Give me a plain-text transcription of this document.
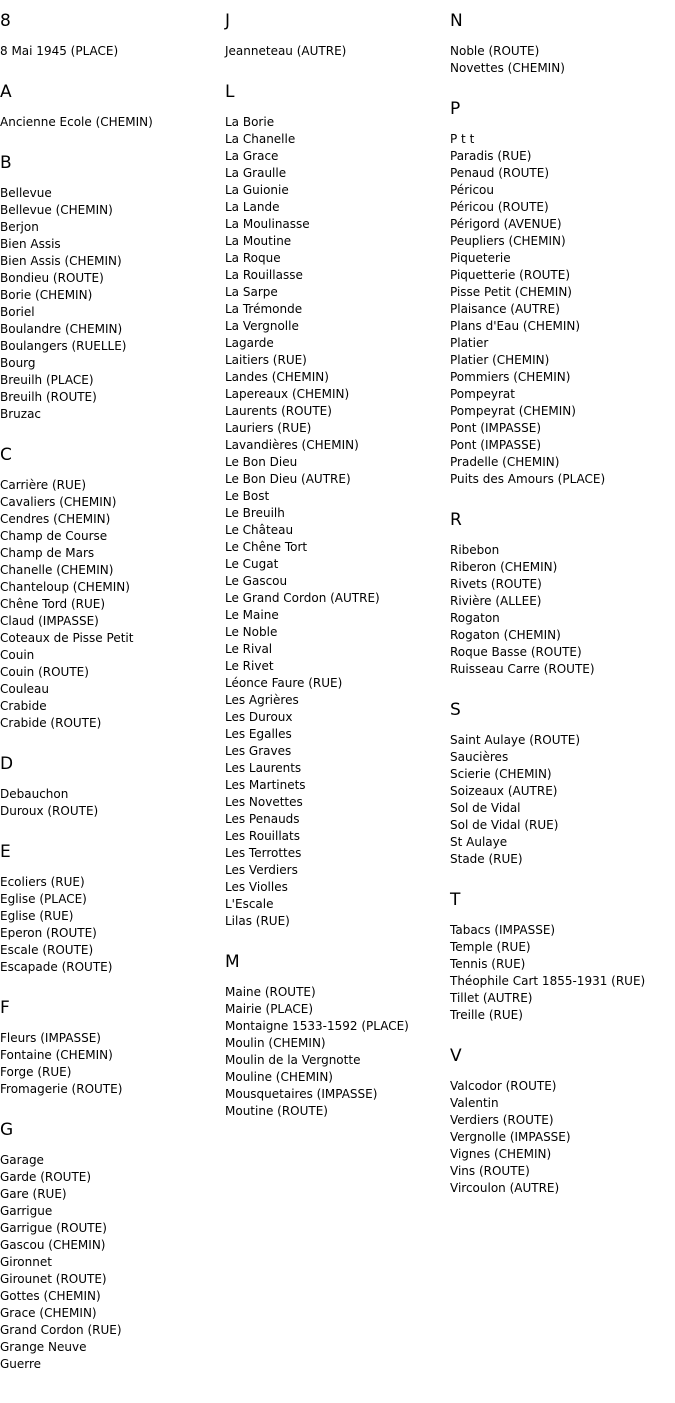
8
8 Mai 1945 (PLACE)
A
Ancienne Ecole (CHEMIN)
B
Bellevue
Bellevue (CHEMIN)
Berjon
Bien Assis
Bien Assis (CHEMIN)
Bondieu (ROUTE)
Borie (CHEMIN)
Boriel
Boulandre (CHEMIN)
Boulangers (RUELLE)
Bourg
Breuilh (PLACE)
Breuilh (ROUTE)
Bruzac
C
Carrière (RUE)
Cavaliers (CHEMIN)
Cendres (CHEMIN)
Champ de Course
Champ de Mars
Chanelle (CHEMIN)
Chanteloup (CHEMIN)
Chêne Tord (RUE)
Claud (IMPASSE)
Coteaux de Pisse Petit
Couin
Couin (ROUTE)
Couleau
Crabide
Crabide (ROUTE)
D
Debauchon
Duroux (ROUTE)
E
Ecoliers (RUE)
Eglise (PLACE)
Eglise (RUE)
Eperon (ROUTE)
Escale (ROUTE)
Escapade (ROUTE)
F
Fleurs (IMPASSE)
Fontaine (CHEMIN)
Forge (RUE)
Fromagerie (ROUTE)
G
Garage
Garde (ROUTE)
Gare (RUE)
Garrigue
Garrigue (ROUTE)
Gascou (CHEMIN)
Gironnet
Girounet (ROUTE)
Gottes (CHEMIN)
Grace (CHEMIN)
Grand Cordon (RUE)
Grange Neuve
Guerre
J
Jeanneteau (AUTRE)
L
La Borie
La Chanelle
La Grace
La Graulle
La Guionie
La Lande
La Moulinasse
La Moutine
La Roque
La Rouillasse
La Sarpe
La Trémonde
La Vergnolle
Lagarde
Laitiers (RUE)
Landes (CHEMIN)
Lapereaux (CHEMIN)
Laurents (ROUTE)
Lauriers (RUE)
Lavandières (CHEMIN)
Le Bon Dieu
Le Bon Dieu (AUTRE)
Le Bost
Le Breuilh
Le Château
Le Chêne Tort
Le Cugat
Le Gascou
Le Grand Cordon (AUTRE)
Le Maine
Le Noble
Le Rival
Le Rivet
Léonce Faure (RUE)
Les Agrières
Les Duroux
Les Egalles
Les Graves
Les Laurents
Les Martinets
Les Novettes
Les Penauds
Les Rouillats
Les Terrottes
Les Verdiers
Les Violles
L'Escale
Lilas (RUE)
M
Maine (ROUTE)
Mairie (PLACE)
Montaigne 1533-1592 (PLACE)
Moulin (CHEMIN)
Moulin de la Vergnotte
Mouline (CHEMIN)
Mousquetaires (IMPASSE)
Moutine (ROUTE)
N
Noble (ROUTE)
Novettes (CHEMIN)
P
P t t
Paradis (RUE)
Penaud (ROUTE)
Péricou
Péricou (ROUTE)
Périgord (AVENUE)
Peupliers (CHEMIN)
Piqueterie
Piquetterie (ROUTE)
Pisse Petit (CHEMIN)
Plaisance (AUTRE)
Plans d'Eau (CHEMIN)
Platier
Platier (CHEMIN)
Pommiers (CHEMIN)
Pompeyrat
Pompeyrat (CHEMIN)
Pont (IMPASSE)
Pont (IMPASSE)
Pradelle (CHEMIN)
Puits des Amours (PLACE)
R
Ribebon
Riberon (CHEMIN)
Rivets (ROUTE)
Rivière (ALLEE)
Rogaton
Rogaton (CHEMIN)
Roque Basse (ROUTE)
Ruisseau Carre (ROUTE)
S
Saint Aulaye (ROUTE)
Saucières
Scierie (CHEMIN)
Soizeaux (AUTRE)
Sol de Vidal
Sol de Vidal (RUE)
St Aulaye
Stade (RUE)
T
Tabacs (IMPASSE)
Temple (RUE)
Tennis (RUE)
Théophile Cart 1855-1931 (RUE)
Tillet (AUTRE)
Treille (RUE)
V
Valcodor (ROUTE)
Valentin
Verdiers (ROUTE)
Vergnolle (IMPASSE)
Vignes (CHEMIN)
Vins (ROUTE)
Vircoulon (AUTRE)
